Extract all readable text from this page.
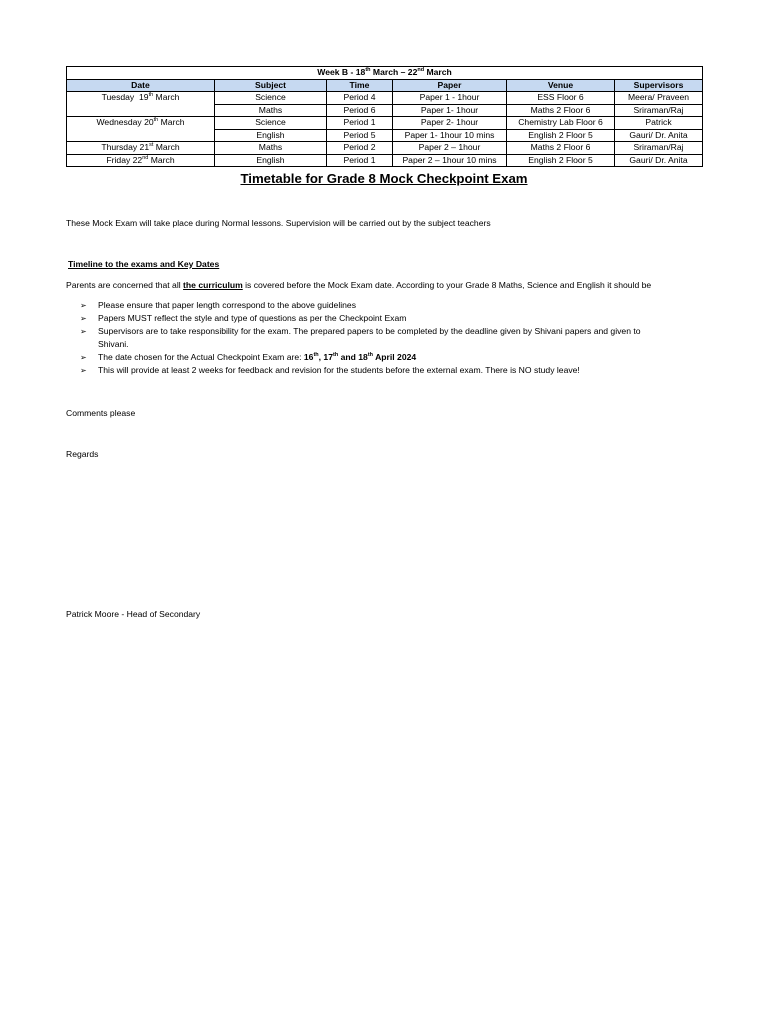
Week B - 18th March – 22nd March					
Date	Subject	Time	Paper	Venue	Supervisors
Tuesday  19th March	Science	Period 4	Paper 1 - 1hour	ESS Floor 6	Meera/ Praveen
	Maths	Period 6	Paper 1- 1hour	Maths 2 Floor 6	Sriraman/Raj
Wednesday 20th March	Science	Period 1	Paper 2- 1hour	Chemistry Lab Floor 6	Patrick
	English	Period 5	Paper 1- 1hour 10 mins	English 2 Floor 5	Gauri/ Dr. Anita
Thursday 21st March	Maths	Period 2	Paper 2 – 1hour	Maths 2 Floor 6	Sriraman/Raj
Friday 22nd March	English	Period 1	Paper 2 – 1hour 10 mins	English 2 Floor 5	Gauri/ Dr. Anita
Timetable for Grade 8 Mock Checkpoint Exam
These Mock Exam will take place during Normal lessons. Supervision will be carried out by the subject teachers
Timeline to the exams and Key Dates
Parents are concerned that all the curriculum is covered before the Mock Exam date. According to your Grade 8 Maths, Science and English it should be
➢ Please ensure that paper length correspond to the above guidelines
➢ Papers MUST reflect the style and type of questions as per the Checkpoint Exam
➢ Supervisors are to take responsibility for the exam. The prepared papers to be completed by the deadline given by Shivani papers and given to
Shivani.
➢ The date chosen for the Actual Checkpoint Exam are: 16th, 17th and 18th April 2024
➢ This will provide at least 2 weeks for feedback and revision for the students before the external exam. There is NO study leave!
Comments please
Regards
Patrick Moore - Head of Secondary
